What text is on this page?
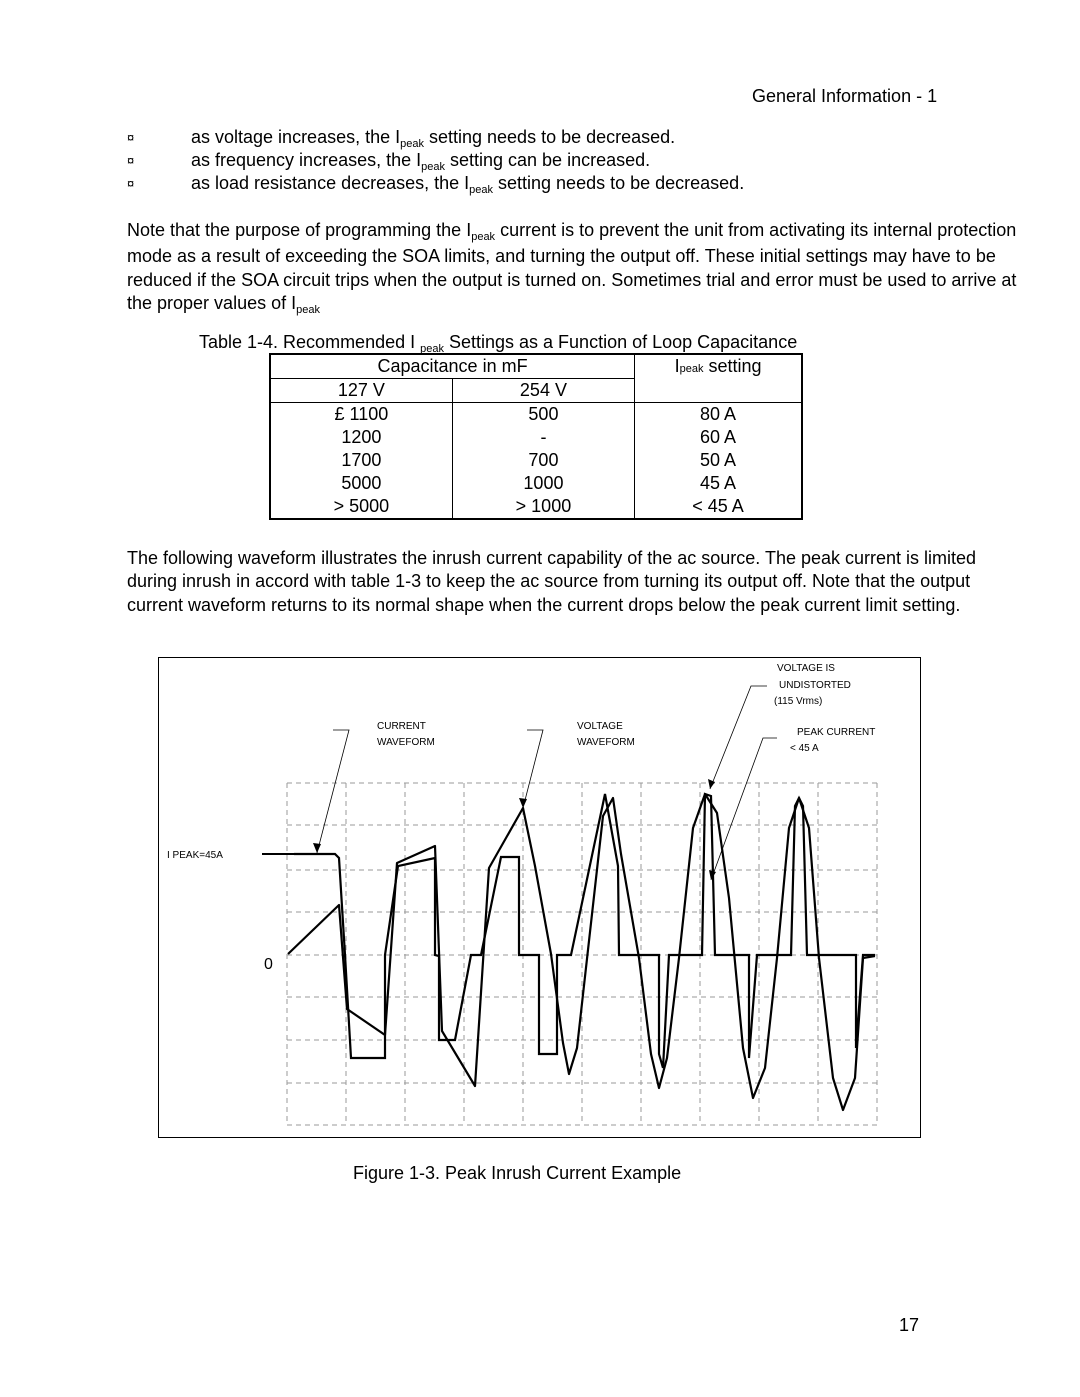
General Information - 1
¤	as voltage increases, the $I_{peak}$ setting needs to be decreased.
¤	as frequency increases, the $I_{peak}$ setting can be increased.
¤	as load resistance decreases, the $I_{peak}$ setting needs to be decreased.
Note that the purpose of programming the $I_{peak}$ current is to prevent the unit from activating its internal protection mode as a result of exceeding the SOA limits, and turning the output off. These initial settings may have to be reduced if the SOA circuit trips when the output is turned on. Sometimes trial and error must be used to arrive at the proper values of $I_{peak}$
Table 1-4. Recommended I $_{peak}$ Settings as a Function of Loop Capacitance
Capacitance in mF		Ipeak setting
127 V	254 V	
£ 1100	500	80 A
1200	-	60 A
1700	700	50 A
5000	1000	45 A
> 5000	> 1000	< 45 A
The following waveform illustrates the inrush current capability of the ac source. The peak current is limited during inrush in accord with table 1-3 to keep the ac source from turning its output off. Note that the output current waveform returns to its normal shape when the current drops below the peak current limit setting.
VOLTAGE IS
UNDISTORTED
(115 Vrms)
CURRENT
WAVEFORM
VOLTAGE
WAVEFORM
PEAK CURRENT
< 45 A
I PEAK=45A
0
Figure 1-3. Peak Inrush Current Example
17
